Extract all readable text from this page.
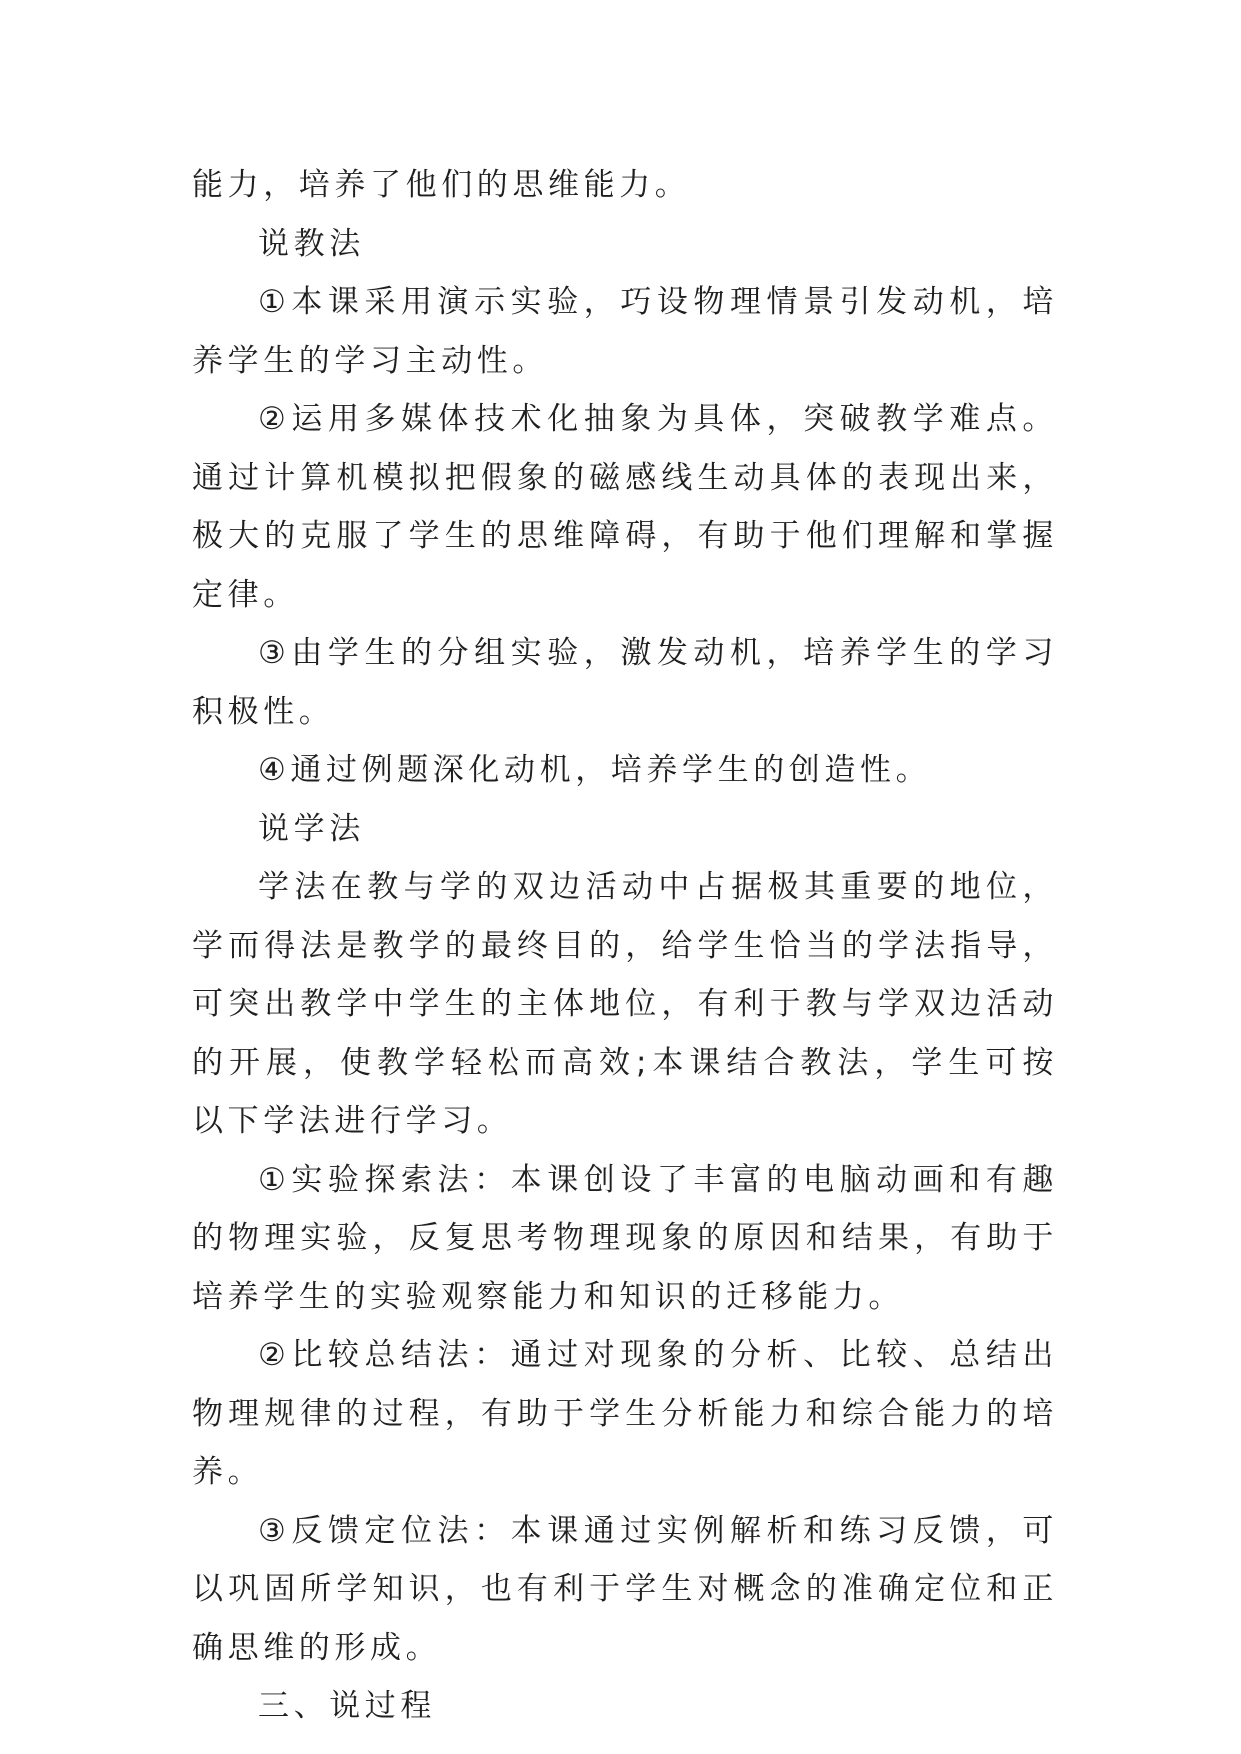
能力，培养了他们的思维能力。

说教法

①本课采用演示实验，巧设物理情景引发动机，培养学生的学习主动性。

②运用多媒体技术化抽象为具体，突破教学难点。通过计算机模拟把假象的磁感线生动具体的表现出来，极大的克服了学生的思维障碍，有助于他们理解和掌握定律。

③由学生的分组实验，激发动机，培养学生的学习积极性。

④通过例题深化动机，培养学生的创造性。

说学法

学法在教与学的双边活动中占据极其重要的地位，学而得法是教学的最终目的，给学生恰当的学法指导，可突出教学中学生的主体地位，有利于教与学双边活动的开展，使教学轻松而高效;本课结合教法，学生可按以下学法进行学习。

①实验探索法：本课创设了丰富的电脑动画和有趣的物理实验，反复思考物理现象的原因和结果，有助于培养学生的实验观察能力和知识的迁移能力。

②比较总结法：通过对现象的分析、比较、总结出物理规律的过程，有助于学生分析能力和综合能力的培养。

③反馈定位法：本课通过实例解析和练习反馈，可以巩固所学知识，也有利于学生对概念的准确定位和正确思维的形成。

三、说过程
